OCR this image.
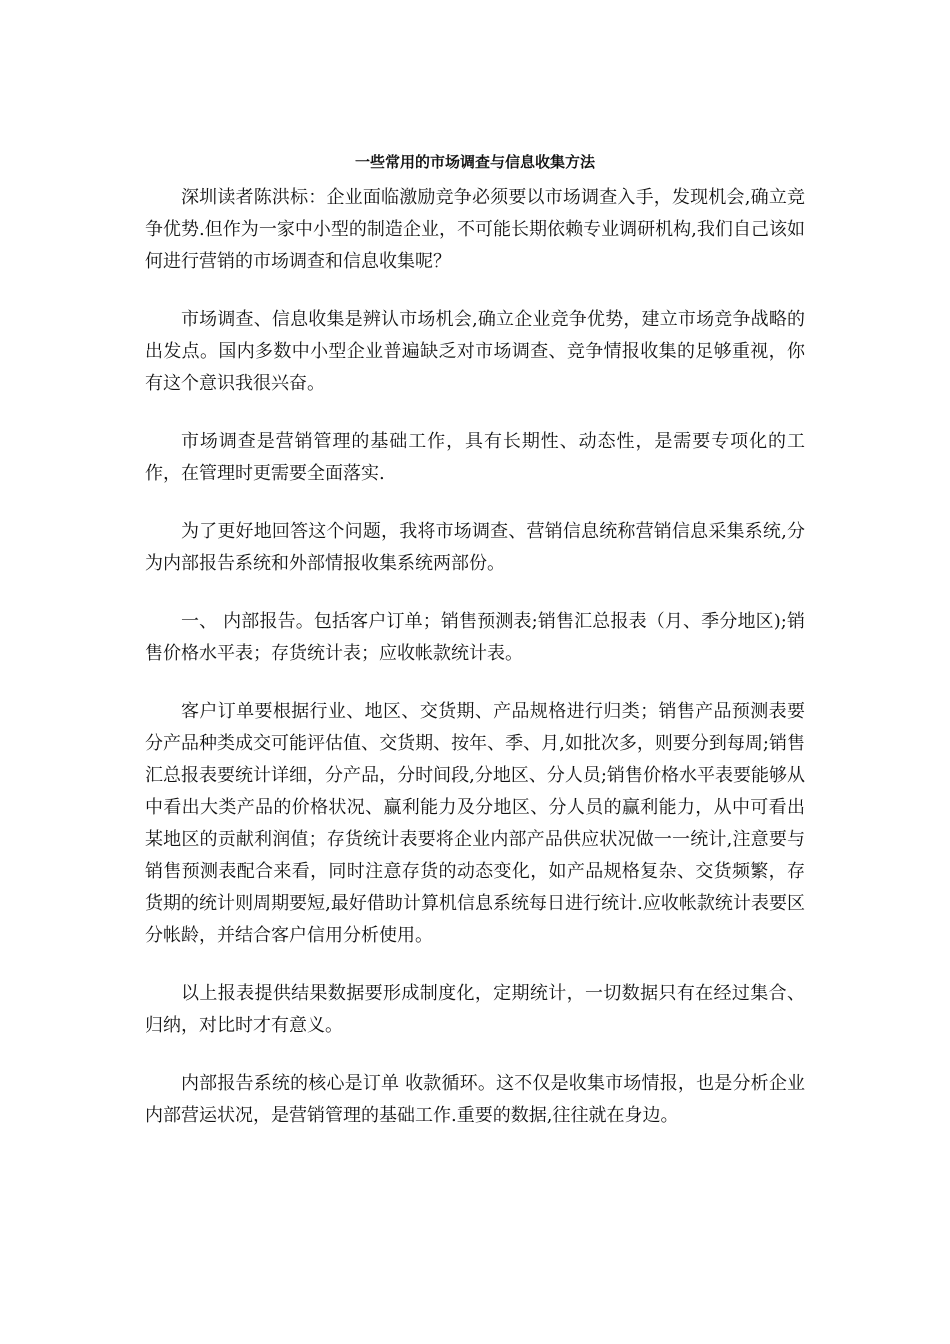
一些常用的市场调查与信息收集方法

深圳读者陈洪标：企业面临激励竞争必须要以市场调查入手，发现机会,确立竞争优势.但作为一家中小型的制造企业，不可能长期依赖专业调研机构,我们自己该如何进行营销的市场调查和信息收集呢？

市场调查、信息收集是辨认市场机会,确立企业竞争优势，建立市场竞争战略的出发点。国内多数中小型企业普遍缺乏对市场调查、竞争情报收集的足够重视，你有这个意识我很兴奋。

市场调查是营销管理的基础工作，具有长期性、动态性，是需要专项化的工作，在管理时更需要全面落实.

为了更好地回答这个问题，我将市场调查、营销信息统称营销信息采集系统,分为内部报告系统和外部情报收集系统两部份。

一、 内部报告。包括客户订单；销售预测表;销售汇总报表（月、季分地区);销售价格水平表；存货统计表；应收帐款统计表。

客户订单要根据行业、地区、交货期、产品规格进行归类；销售产品预测表要分产品种类成交可能评估值、交货期、按年、季、月,如批次多，则要分到每周;销售汇总报表要统计详细，分产品，分时间段,分地区、分人员;销售价格水平表要能够从中看出大类产品的价格状况、赢利能力及分地区、分人员的赢利能力，从中可看出某地区的贡献利润值；存货统计表要将企业内部产品供应状况做一一统计,注意要与销售预测表配合来看，同时注意存货的动态变化，如产品规格复杂、交货频繁，存货期的统计则周期要短,最好借助计算机信息系统每日进行统计.应收帐款统计表要区分帐龄，并结合客户信用分析使用。

以上报表提供结果数据要形成制度化，定期统计，一切数据只有在经过集合、归纳，对比时才有意义。

内部报告系统的核心是订单 收款循环。这不仅是收集市场情报，也是分析企业内部营运状况，是营销管理的基础工作.重要的数据,往往就在身边。
